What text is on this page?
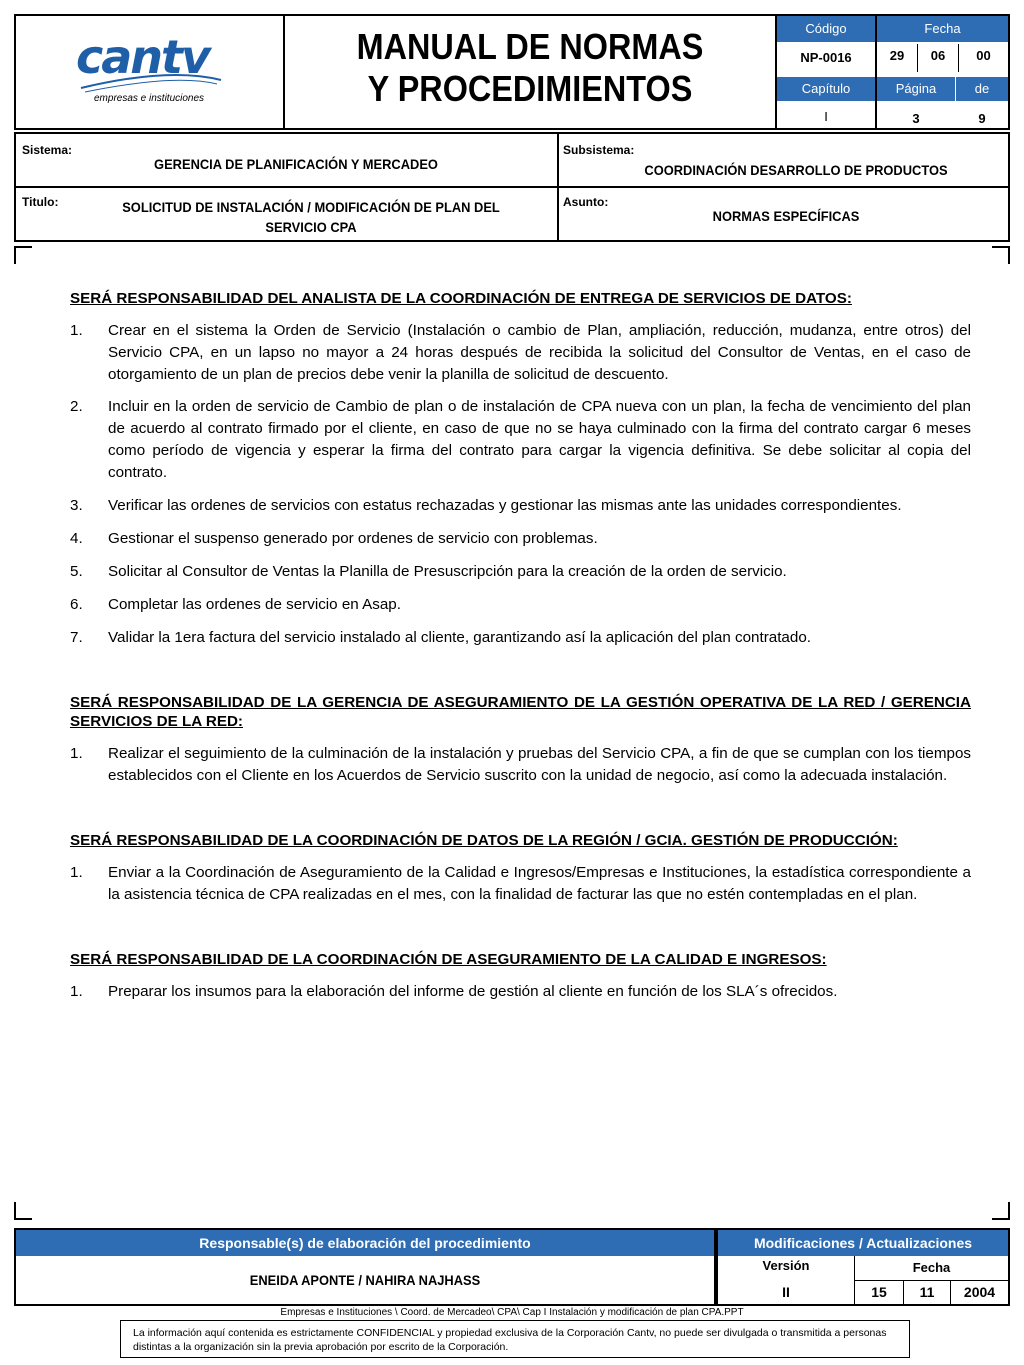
cantv
empresas e instituciones
MANUAL DE NORMAS
Y PROCEDIMIENTOS
Código	Fecha
NP-0016	29	06	00
Capítulo	Página	de
I	3	9
Sistema:
GERENCIA DE PLANIFICACIÓN Y MERCADEO
Subsistema:
COORDINACIÓN DESARROLLO DE PRODUCTOS
Titulo:	SOLICITUD DE INSTALACIÓN / MODIFICACIÓN DE PLAN DEL SERVICIO CPA
Asunto:
NORMAS ESPECÍFICAS
SERÁ RESPONSABILIDAD DEL ANALISTA DE LA COORDINACIÓN DE ENTREGA DE SERVICIOS DE DATOS:
1. Crear en el sistema la Orden de Servicio (Instalación o cambio de Plan, ampliación, reducción, mudanza, entre otros) del Servicio CPA, en un lapso no mayor a 24 horas después de recibida la solicitud del Consultor de Ventas, en el caso de otorgamiento de un plan de precios debe venir la planilla de solicitud de descuento.
2. Incluir en la orden de servicio de Cambio de plan o de instalación de CPA nueva con un plan, la fecha de vencimiento del plan de acuerdo al contrato firmado por el cliente, en caso de que no se haya culminado con la firma del contrato cargar 6 meses como período de vigencia y esperar la firma del contrato para cargar la vigencia definitiva. Se debe solicitar al copia del contrato.
3. Verificar las ordenes de servicios con estatus rechazadas y gestionar las mismas ante las unidades correspondientes.
4. Gestionar el suspenso generado por ordenes de servicio con problemas.
5. Solicitar al Consultor de Ventas la Planilla de Presuscripción para la creación de la orden de servicio.
6. Completar las ordenes de servicio en Asap.
7. Validar la 1era factura del servicio instalado al cliente, garantizando así la aplicación del plan contratado.
SERÁ RESPONSABILIDAD DE LA GERENCIA DE ASEGURAMIENTO DE LA GESTIÓN OPERATIVA DE LA RED / GERENCIA SERVICIOS DE LA RED:
1. Realizar el seguimiento de la culminación de la instalación y pruebas del Servicio CPA, a fin de que se cumplan con los tiempos establecidos con el Cliente en los Acuerdos de Servicio suscrito con la unidad de negocio, así como la adecuada instalación.
SERÁ RESPONSABILIDAD DE LA COORDINACIÓN DE DATOS DE LA REGIÓN / GCIA. GESTIÓN DE PRODUCCIÓN:
1. Enviar a la Coordinación de Aseguramiento de la Calidad e Ingresos/Empresas e Instituciones, la estadística correspondiente a la asistencia técnica de CPA realizadas en el mes, con la finalidad de facturar las que no estén contempladas en el plan.
SERÁ RESPONSABILIDAD DE LA COORDINACIÓN DE ASEGURAMIENTO DE LA CALIDAD E INGRESOS:
1. Preparar los insumos para la elaboración del informe de gestión al cliente en función de los SLA´s ofrecidos.
Responsable(s) de elaboración del procedimiento
ENEIDA APONTE / NAHIRA NAJHASS
Modificaciones / Actualizaciones
Versión	Fecha
II	15	11	2004
Empresas e Instituciones \ Coord. de Mercadeo\ CPA\ Cap I Instalación y modificación de plan CPA.PPT
La información aquí contenida es estrictamente CONFIDENCIAL y propiedad exclusiva de la Corporación Cantv, no puede ser divulgada o transmitida a personas distintas a la organización sin la previa aprobación por escrito de la Corporación.
